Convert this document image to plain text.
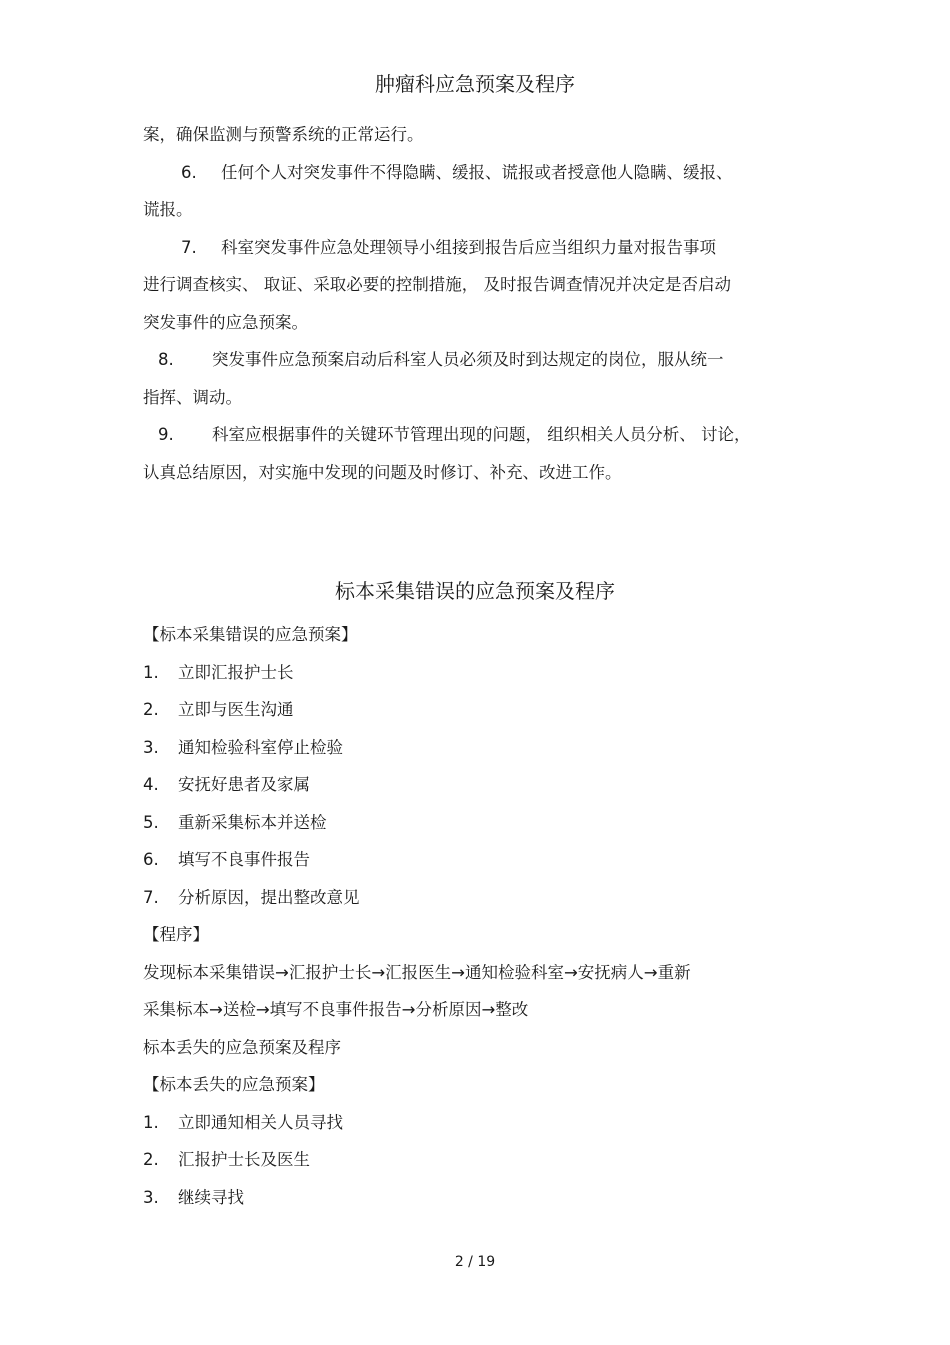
肿瘤科应急预案及程序
案，确保监测与预警系统的正常运行。
6. 任何个人对突发事件不得隐瞒、缓报、谎报或者授意他人隐瞒、缓报、
谎报。
7. 科室突发事件应急处理领导小组接到报告后应当组织力量对报告事项
进行调查核实、 取证、采取必要的控制措施， 及时报告调查情况并决定是否启动
突发事件的应急预案。
8. 突发事件应急预案启动后科室人员必须及时到达规定的岗位，服从统一
指挥、调动。
9. 科室应根据事件的关键环节管理出现的问题， 组织相关人员分析、 讨论，
认真总结原因，对实施中发现的问题及时修订、补充、改进工作。
标本采集错误的应急预案及程序
【标本采集错误的应急预案】
1. 立即汇报护士长
2. 立即与医生沟通
3. 通知检验科室停止检验
4. 安抚好患者及家属
5. 重新采集标本并送检
6. 填写不良事件报告
7. 分析原因，提出整改意见
【程序】
发现标本采集错误→汇报护士长→汇报医生→通知检验科室→安抚病人→重新
采集标本→送检→填写不良事件报告→分析原因→整改
标本丢失的应急预案及程序
【标本丢失的应急预案】
1. 立即通知相关人员寻找
2. 汇报护士长及医生
3. 继续寻找
2 / 19
